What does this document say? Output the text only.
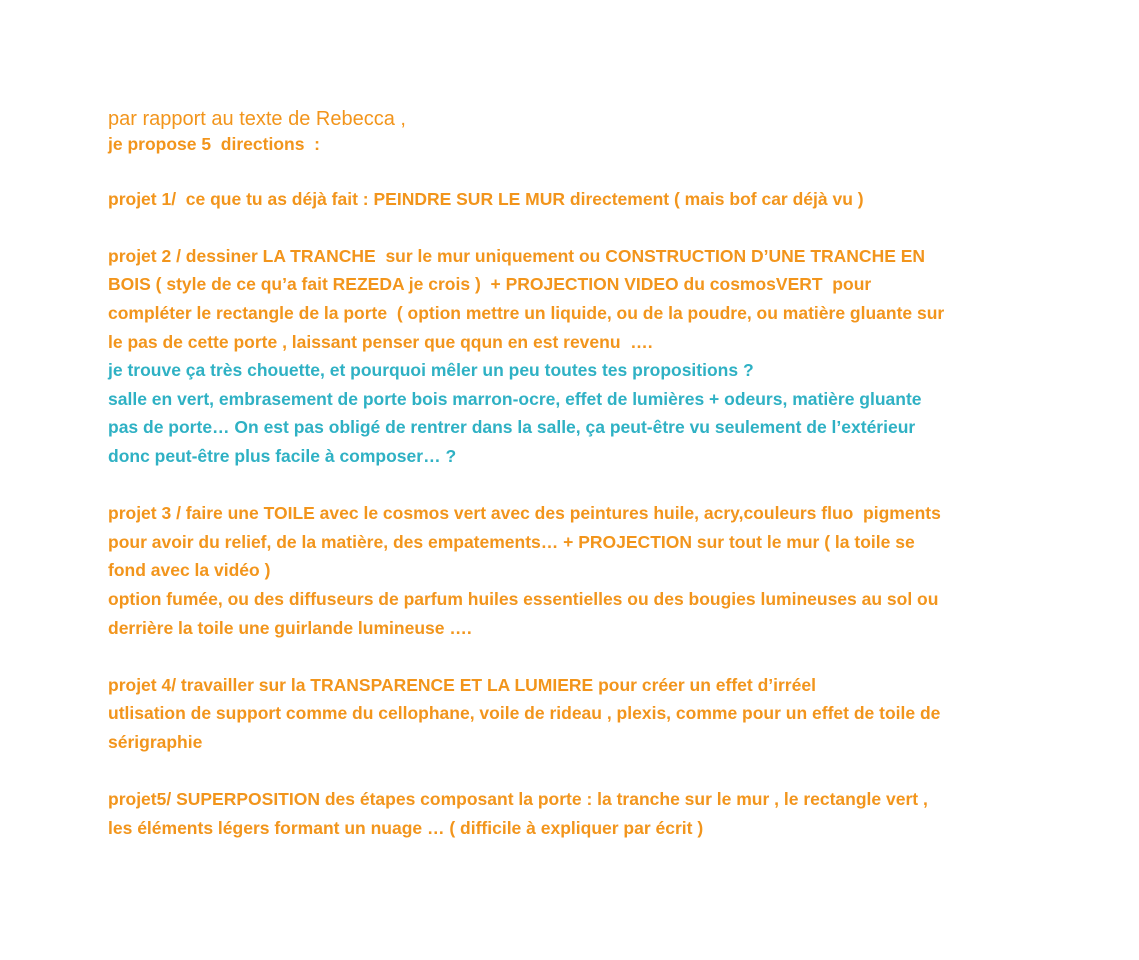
par rapport au texte de Rebecca ,

je propose 5  directions  :

projet 1/  ce que tu as déjà fait : PEINDRE SUR LE MUR directement ( mais bof car déjà vu )

projet 2 / dessiner LA TRANCHE  sur le mur uniquement ou CONSTRUCTION D’UNE TRANCHE EN

BOIS ( style de ce qu’a fait REZEDA je crois )  + PROJECTION VIDEO du cosmosVERT  pour

compléter le rectangle de la porte  ( option mettre un liquide, ou de la poudre, ou matière gluante sur

le pas de cette porte , laissant penser que qqun en est revenu  ….

je trouve ça très chouette, et pourquoi mêler un peu toutes tes propositions ?

salle en vert, embrasement de porte bois marron-ocre, effet de lumières + odeurs, matière gluante

pas de porte… On est pas obligé de rentrer dans la salle, ça peut-être vu seulement de l’extérieur

donc peut-être plus facile à composer… ?

projet 3 / faire une TOILE avec le cosmos vert avec des peintures huile, acry,couleurs fluo  pigments

pour avoir du relief, de la matière, des empatements… + PROJECTION sur tout le mur ( la toile se

fond avec la vidéo )

option fumée, ou des diffuseurs de parfum huiles essentielles ou des bougies lumineuses au sol ou

derrière la toile une guirlande lumineuse ….

projet 4/ travailler sur la TRANSPARENCE ET LA LUMIERE pour créer un effet d’irréel

utlisation de support comme du cellophane, voile de rideau , plexis, comme pour un effet de toile de

sérigraphie

projet5/ SUPERPOSITION des étapes composant la porte : la tranche sur le mur , le rectangle vert ,

les éléments légers formant un nuage … ( difficile à expliquer par écrit )
